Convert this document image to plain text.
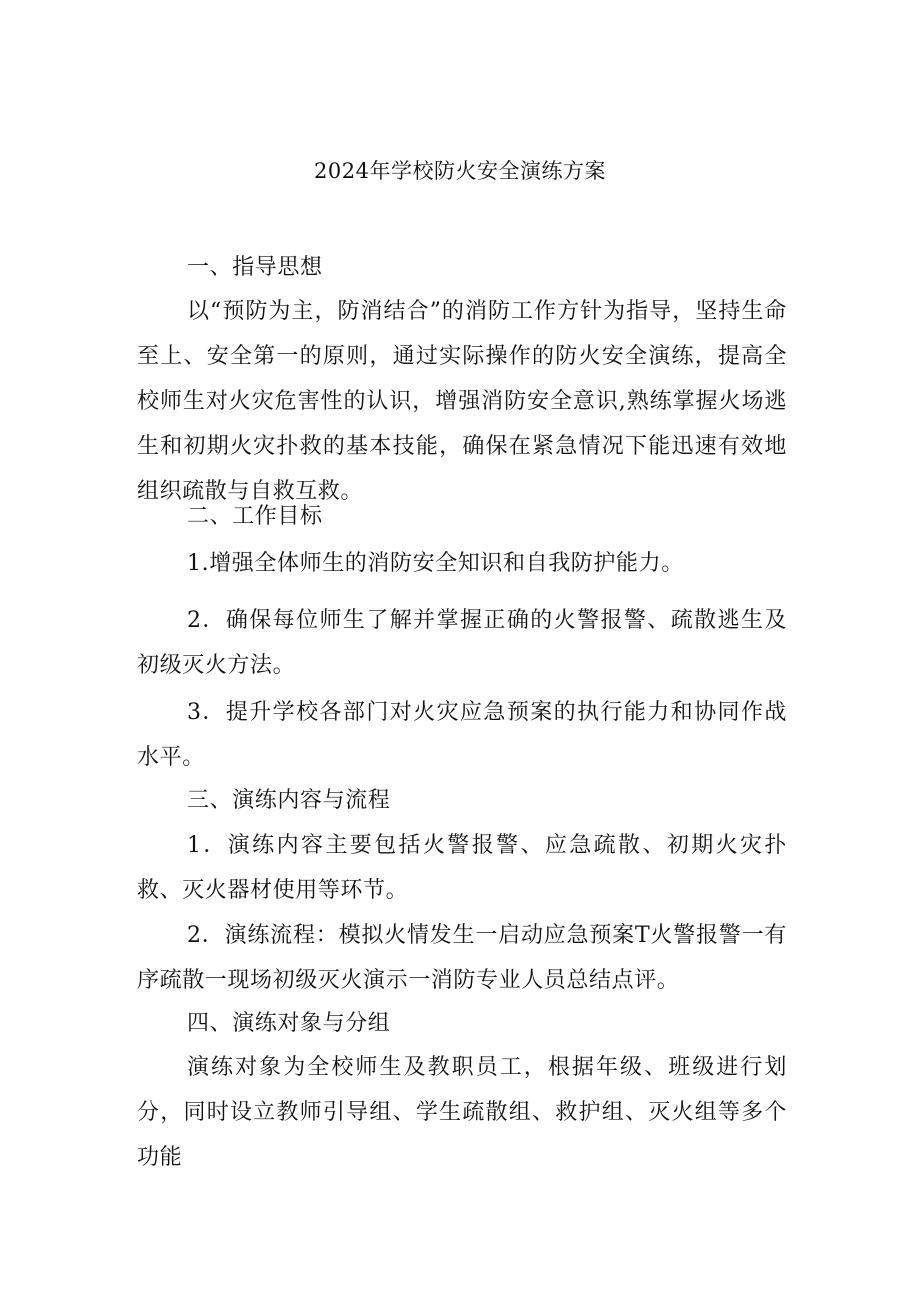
2024年学校防火安全演练方案
一、指导思想
以“预防为主，防消结合”的消防工作方针为指导，坚持生命至上、安全第一的原则，通过实际操作的防火安全演练，提高全校师生对火灾危害性的认识，增强消防安全意识,熟练掌握火场逃生和初期火灾扑救的基本技能，确保在紧急情况下能迅速有效地组织疏散与自救互救。
二、工作目标
1.增强全体师生的消防安全知识和自我防护能力。
2．确保每位师生了解并掌握正确的火警报警、疏散逃生及初级灭火方法。
3．提升学校各部门对火灾应急预案的执行能力和协同作战水平。
三、演练内容与流程
1．演练内容主要包括火警报警、应急疏散、初期火灾扑救、灭火器材使用等环节。
2．演练流程：模拟火情发生一启动应急预案T火警报警一有序疏散一现场初级灭火演示一消防专业人员总结点评。
四、演练对象与分组
演练对象为全校师生及教职员工，根据年级、班级进行划分，同时设立教师引导组、学生疏散组、救护组、灭火组等多个功能
